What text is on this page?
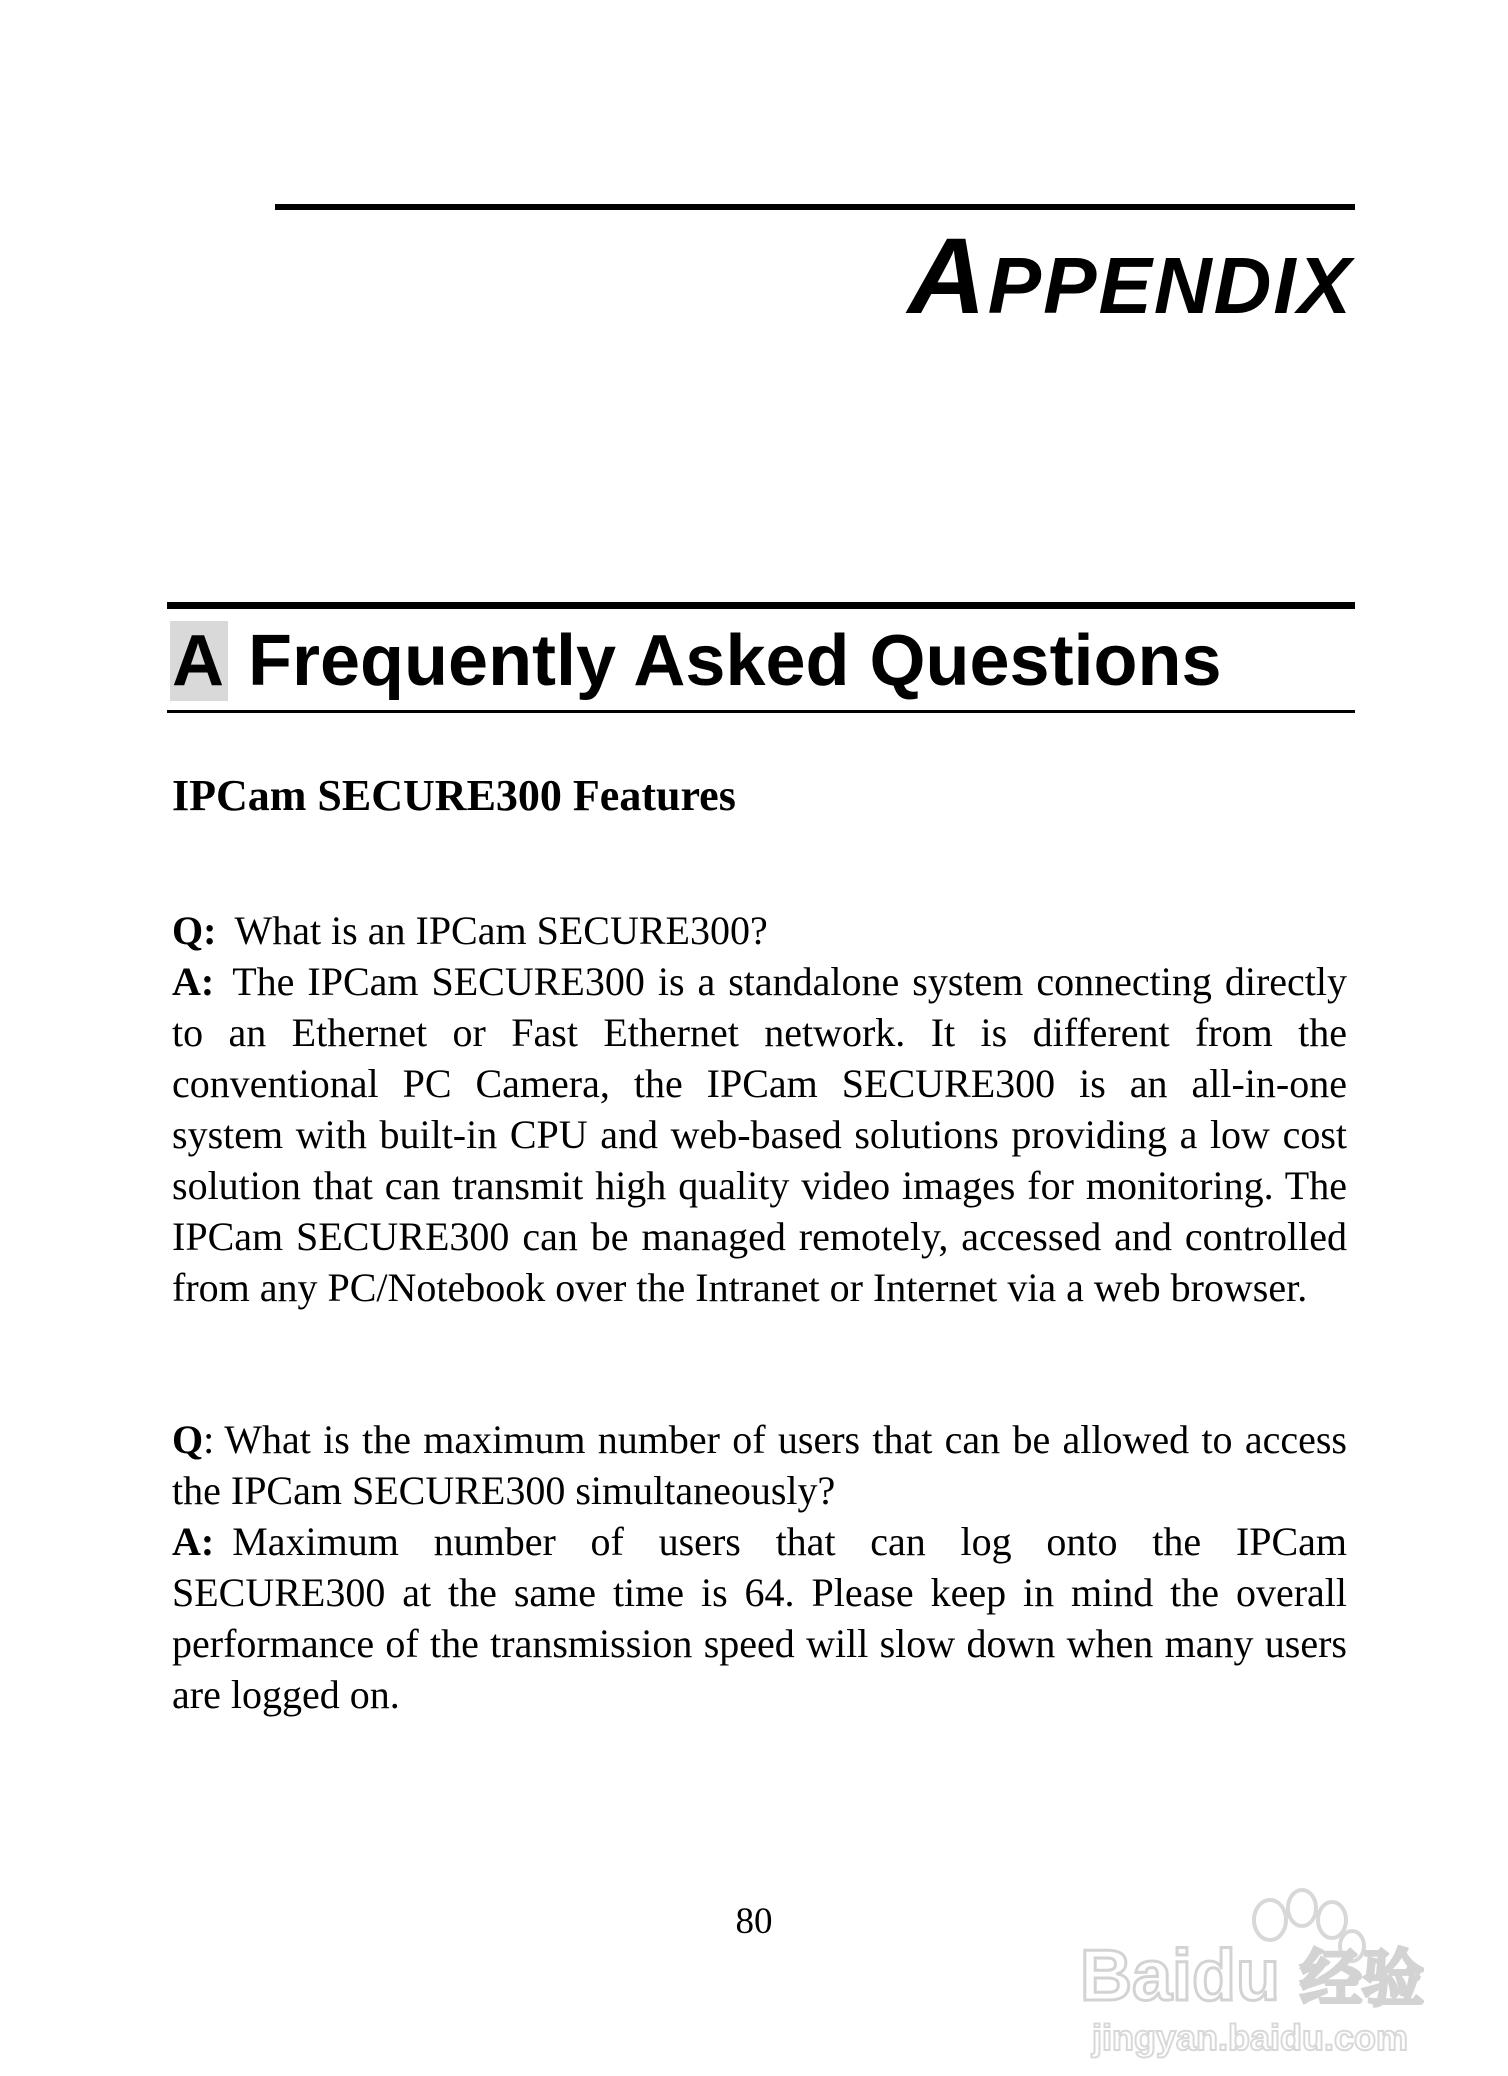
APPENDIX
A Frequently Asked Questions
IPCam SECURE300 Features

Q: What is an IPCam SECURE300?

A: The IPCam SECURE300 is a standalone system connecting directly to an Ethernet or Fast Ethernet network. It is different from the conventional PC Camera, the IPCam SECURE300 is an all-in-one system with built-in CPU and web-based solutions providing a low cost solution that can transmit high quality video images for monitoring. The IPCam SECURE300 can be managed remotely, accessed and controlled from any PC/Notebook over the Intranet or Internet via a web browser.

Q: What is the maximum number of users that can be allowed to access the IPCam SECURE300 simultaneously?

A: Maximum number of users that can log onto the IPCam SECURE300 at the same time is 64. Please keep in mind the overall performance of the transmission speed will slow down when many users are logged on.

80
Baidu 经验
jingyan.baidu.com
